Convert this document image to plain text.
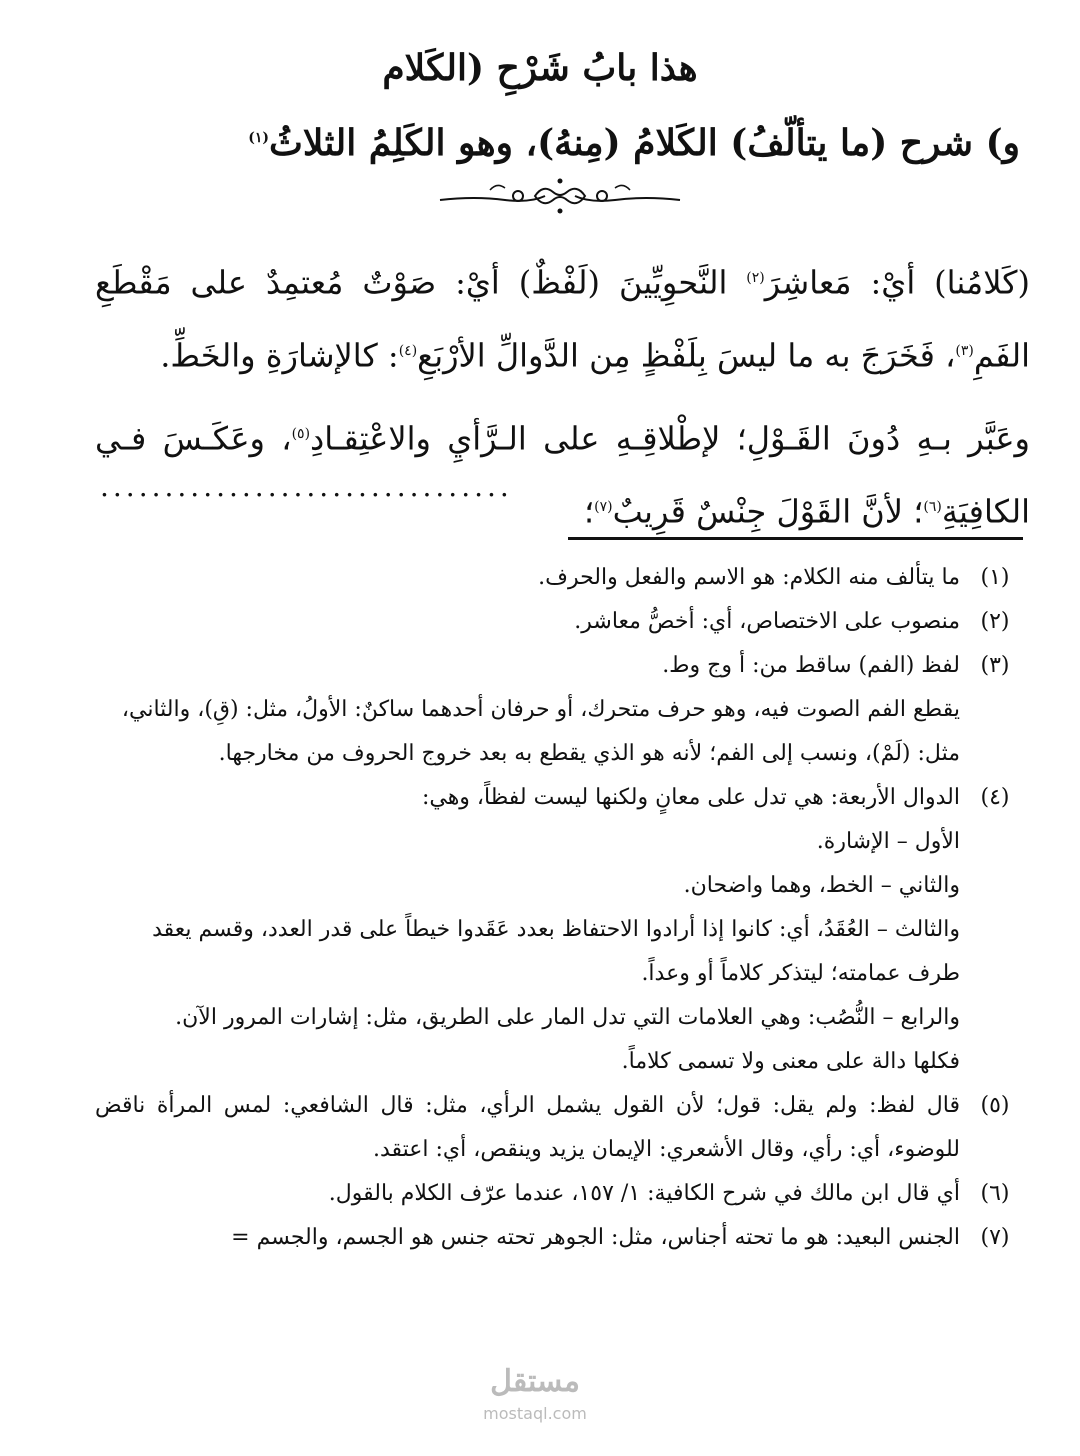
هذا بابُ شَرْحِ (الكَلام
و) شرح (ما يتألّفُ) الكَلامُ (مِنهُ)، وهو الكَلِمُ الثلاثُ$^{(١)}$
(كَلامُنا) أيْ: مَعاشِرَ$^{(٢)}$ النَّحوِيِّينَ (لَفْظٌ) أيْ: صَوْتٌ مُعتمِدٌ على مَقْطَعِ الفَمِ$^{(٣)}$، فَخَرَجَ به ما ليسَ بِلَفْظٍ مِن الدَّوالِّ الأرْبَعِ$^{(٤)}$: كالإشارَةِ والخَطِّ.
وعَبَّر بـهِ دُونَ القَـوْلِ؛ لإطْلاقِـهِ على الـرَّأيِ والاعْتِقـادِ$^{(٥)}$، وعَكَـسَ فـي الكافِيَةِ$^{(٦)}$؛ لأنَّ القَوْلَ جِنْسٌ قَرِيبٌ$^{(٧)}$؛
................................
(١)
ما يتألف منه الكلام: هو الاسم والفعل والحرف.
(٢)
منصوب على الاختصاص، أي: أخصُّ معاشر.
(٣)
لفظ (الفم) ساقط من: أ وج وط.
يقطع الفم الصوت فيه، وهو حرف متحرك، أو حرفان أحدهما ساكنٌ: الأولُ، مثل: (قِ)، والثاني، مثل: (لَمْ)، ونسب إلى الفم؛ لأنه هو الذي يقطع به بعد خروج الحروف من مخارجها.
(٤)
الدوال الأربعة: هي تدل على معانٍ ولكنها ليست لفظاً، وهي:
الأول – الإشارة.
والثاني – الخط، وهما واضحان.
والثالث – العُقَدُ، أي: كانوا إذا أرادوا الاحتفاظ بعدد عَقَدوا خيطاً على قدر العدد، وقسم يعقد طرف عمامته؛ ليتذكر كلاماً أو وعداً.
والرابع – النُّصُب: وهي العلامات التي تدل المار على الطريق، مثل: إشارات المرور الآن.
فكلها دالة على معنى ولا تسمى كلاماً.
(٥)
قال لفظ: ولم يقل: قول؛ لأن القول يشمل الرأي، مثل: قال الشافعي: لمس المرأة ناقض للوضوء، أي: رأي، وقال الأشعري: الإيمان يزيد وينقص، أي: اعتقد.
(٦)
أي قال ابن مالك في شرح الكافية: ١/ ١٥٧، عندما عرّف الكلام بالقول.
(٧)
الجنس البعيد: هو ما تحته أجناس، مثل: الجوهر تحته جنس هو الجسم، والجسم =
مستقل
mostaql.com
